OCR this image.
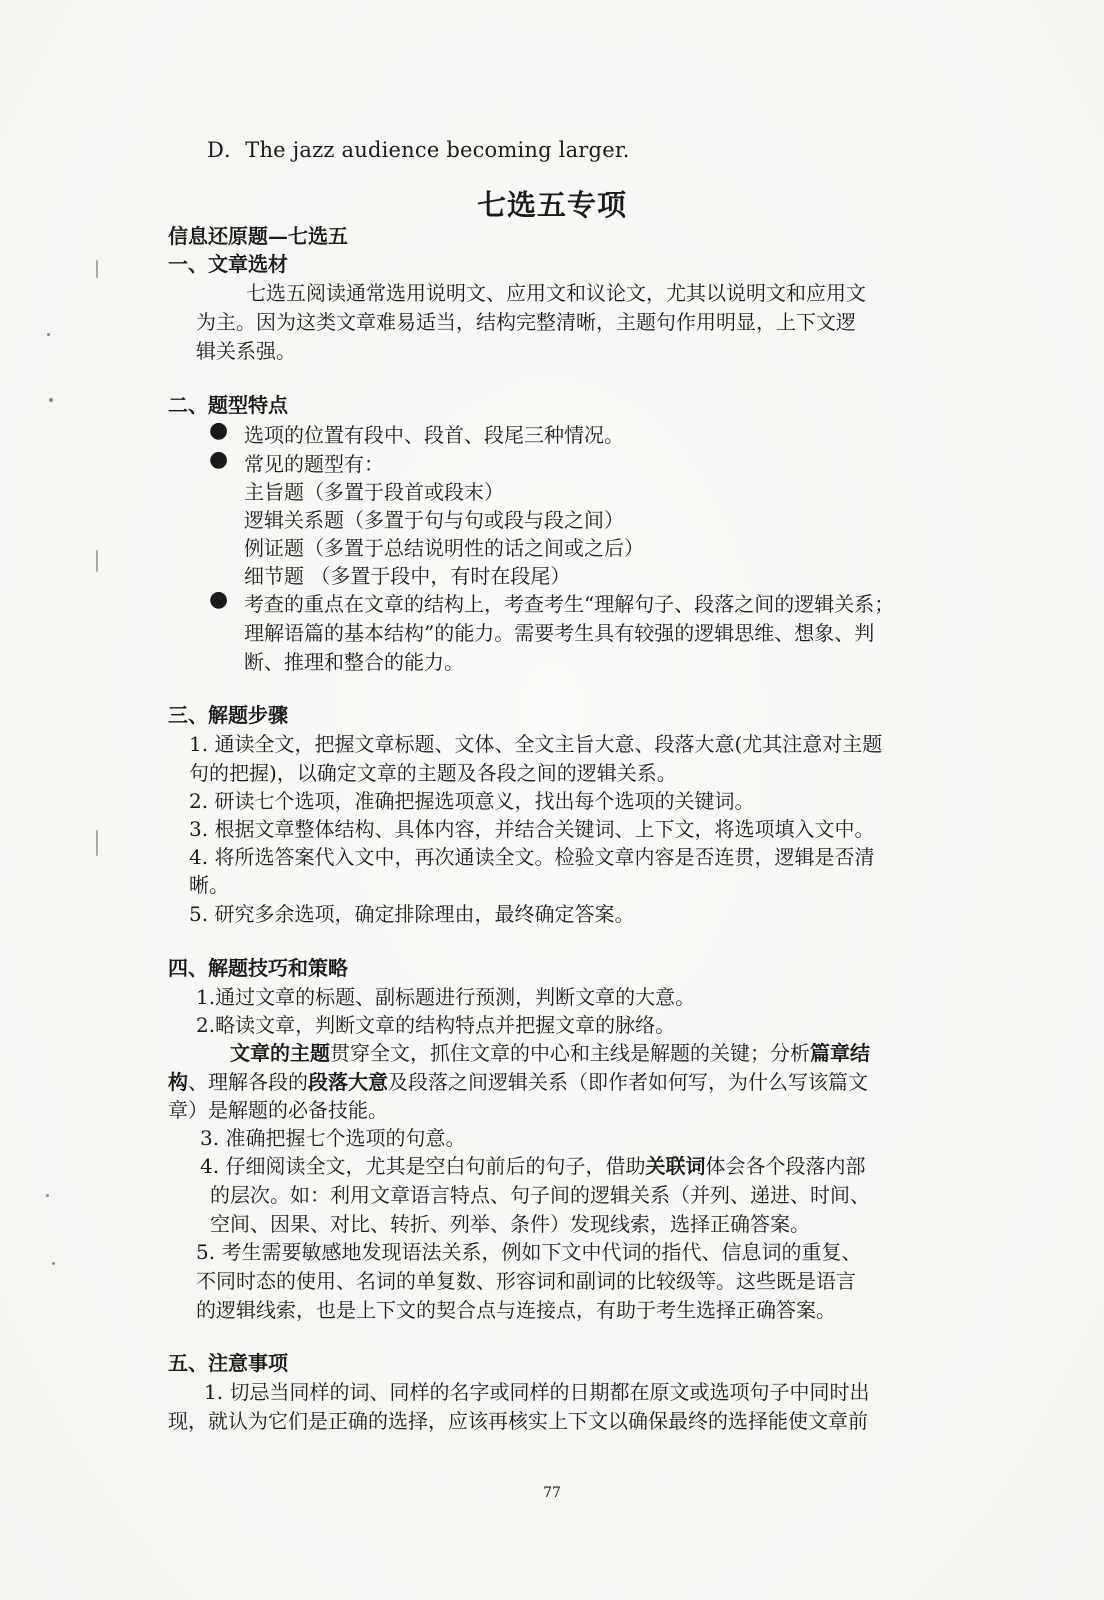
D．The jazz audience becoming larger.
七选五专项
信息还原题—七选五
一、文章选材
七选五阅读通常选用说明文、应用文和议论文，尤其以说明文和应用文
为主。因为这类文章难易适当，结构完整清晰，主题句作用明显，上下文逻
辑关系强。
二、题型特点
● 选项的位置有段中、段首、段尾三种情况。
● 常见的题型有：
主旨题（多置于段首或段末）
逻辑关系题（多置于句与句或段与段之间）
例证题（多置于总结说明性的话之间或之后）
细节题 （多置于段中，有时在段尾）
● 考查的重点在文章的结构上，考查考生“理解句子、段落之间的逻辑关系；
理解语篇的基本结构”的能力。需要考生具有较强的逻辑思维、想象、判
断、推理和整合的能力。
三、解题步骤
1. 通读全文，把握文章标题、文体、全文主旨大意、段落大意(尤其注意对主题
句的把握)，以确定文章的主题及各段之间的逻辑关系。
2. 研读七个选项，准确把握选项意义，找出每个选项的关键词。
3. 根据文章整体结构、具体内容，并结合关键词、上下文，将选项填入文中。
4. 将所选答案代入文中，再次通读全文。检验文章内容是否连贯，逻辑是否清
晰。
5. 研究多余选项，确定排除理由，最终确定答案。
四、解题技巧和策略
1.通过文章的标题、副标题进行预测，判断文章的大意。
2.略读文章，判断文章的结构特点并把握文章的脉络。
文章的主题贯穿全文，抓住文章的中心和主线是解题的关键；分析篇章结
构、理解各段的段落大意及段落之间逻辑关系（即作者如何写，为什么写该篇文
章）是解题的必备技能。
3. 准确把握七个选项的句意。
4. 仔细阅读全文，尤其是空白句前后的句子，借助关联词体会各个段落内部
的层次。如：利用文章语言特点、句子间的逻辑关系（并列、递进、时间、
空间、因果、对比、转折、列举、条件）发现线索，选择正确答案。
5. 考生需要敏感地发现语法关系，例如下文中代词的指代、信息词的重复、
不同时态的使用、名词的单复数、形容词和副词的比较级等。这些既是语言
的逻辑线索，也是上下文的契合点与连接点，有助于考生选择正确答案。
五、注意事项
1. 切忌当同样的词、同样的名字或同样的日期都在原文或选项句子中同时出
现，就认为它们是正确的选择，应该再核实上下文以确保最终的选择能使文章前
77
